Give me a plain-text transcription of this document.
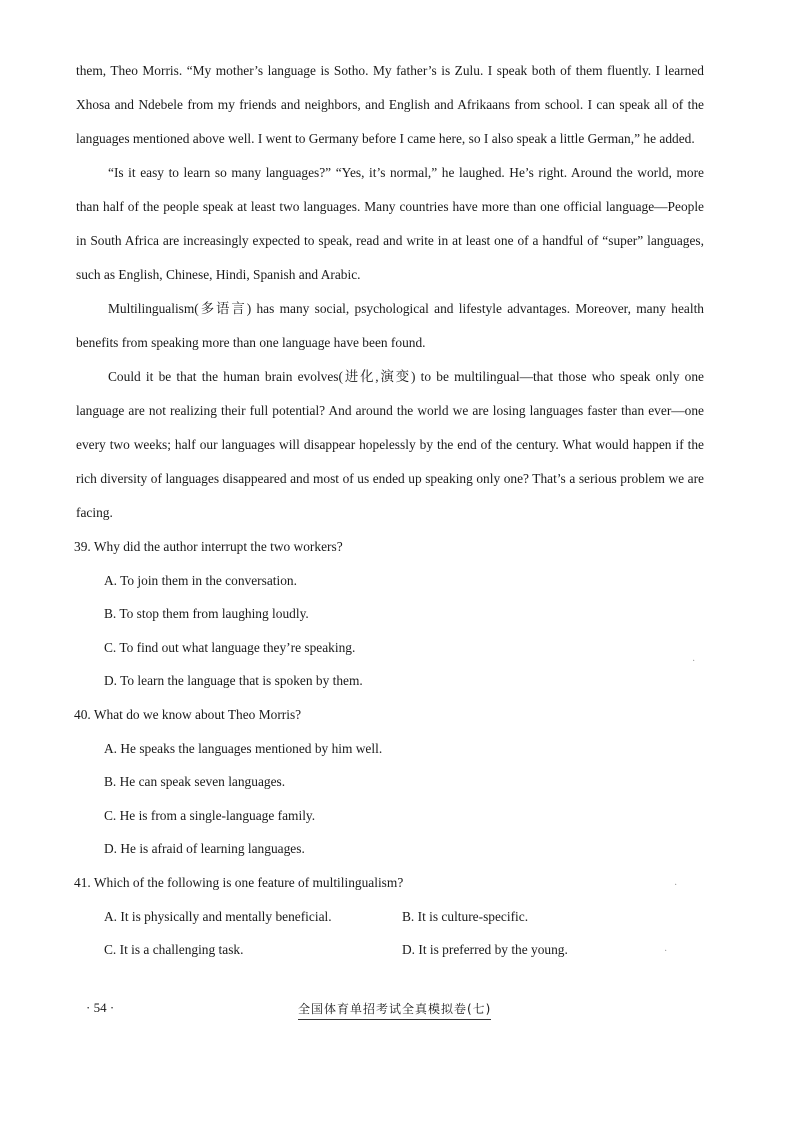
them, Theo Morris. “My mother’s language is Sotho. My father’s is Zulu. I speak both of them fluently. I learned Xhosa and Ndebele from my friends and neighbors, and English and Afrikaans from school. I can speak all of the languages mentioned above well. I went to Germany before I came here, so I also speak a little German,” he added.

“Is it easy to learn so many languages?” “Yes, it’s normal,” he laughed. He’s right. Around the world, more than half of the people speak at least two languages. Many countries have more than one official language—People in South Africa are increasingly expected to speak, read and write in at least one of a handful of “super” languages, such as English, Chinese, Hindi, Spanish and Arabic.

Multilingualism(多语言) has many social, psychological and lifestyle advantages. Moreover, many health benefits from speaking more than one language have been found.

Could it be that the human brain evolves(进化,演变) to be multilingual—that those who speak only one language are not realizing their full potential? And around the world we are losing languages faster than ever—one every two weeks; half our languages will disappear hopelessly by the end of the century. What would happen if the rich diversity of languages disappeared and most of us ended up speaking only one? That’s a serious problem we are facing.

39. Why did the author interrupt the two workers?

A. To join them in the conversation.

B. To stop them from laughing loudly.

C. To find out what language they’re speaking.

D. To learn the language that is spoken by them.

40. What do we know about Theo Morris?

A. He speaks the languages mentioned by him well.

B. He can speak seven languages.

C. He is from a single-language family.

D. He is afraid of learning languages.

41. Which of the following is one feature of multilingualism?

A. It is physically and mentally beneficial.	B. It is culture-specific.
C. It is a challenging task.	D. It is preferred by the young.
· 54 ·	全国体育单招考试全真模拟卷(七)
·
·
·
